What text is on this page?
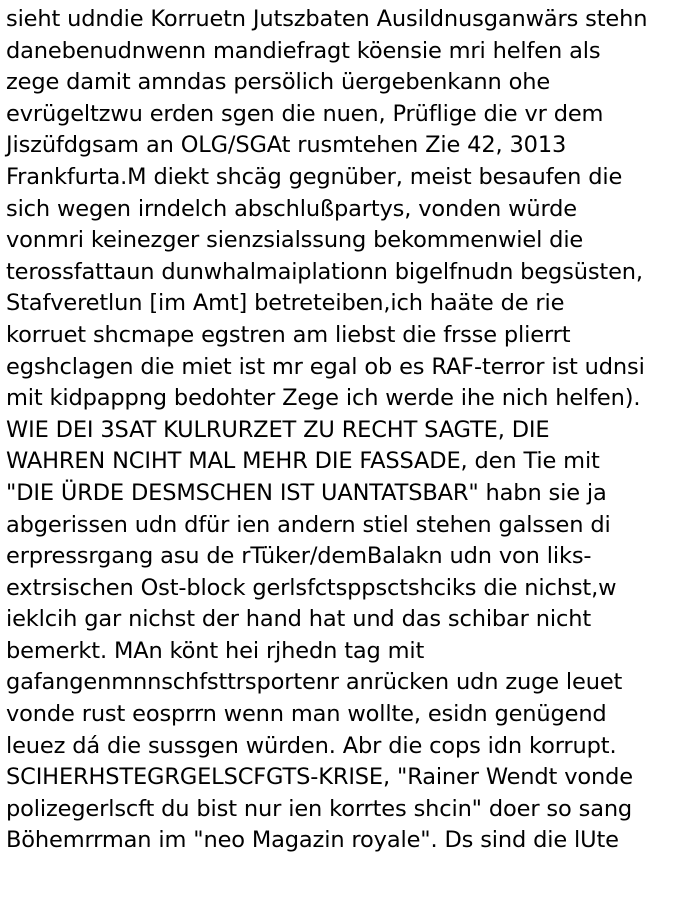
sieht udndie Korruetn Jutszbaten Ausildnusganwärs stehn
danebenudnwenn mandiefragt köensie mri helfen als
zege damit amndas persölich üergebenkann ohe
evrügeltzwu erden sgen die nuen, Prüflige die vr dem
Jiszüfdgsam an OLG/SGAt rusmtehen Zie 42, 3013
Frankfurta.M diekt shcäg gegnüber, meist besaufen die
sich wegen irndelch abschlußpartys, vonden würde
vonmri keinezger sienzsialssung bekommenwiel die
terossfattaun dunwhalmaiplationn bigelfnudn begsüsten,
Stafveretlun [im Amt] betreteiben,ich haäte de rie
korruet shcmape egstren am liebst die frsse plierrt
egshclagen die miet ist mr egal ob es RAF-terror ist udnsi
mit kidpappng bedohter Zege ich werde ihe nich helfen).
WIE DEI 3SAT KULRURZET ZU RECHT SAGTE, DIE
WAHREN NCIHT MAL MEHR DIE FASSADE, den Tie mit
"DIE ÜRDE DESMSCHEN IST UANTATSBAR" habn sie ja
abgerissen udn dfür ien andern stiel stehen galssen di
erpressrgang asu de rTüker/demBalakn udn von liks-
extrsischen Ost-block gerlsfctsppsctshciks die nichst,w
ieklcih gar nichst der hand hat und das schibar nicht
bemerkt. MAn könt hei rjhedn tag mit
gafangenmnnschfsttrsportenr anrücken udn zuge leuet
vonde rust eosprrn wenn man wollte, esidn genügend
leuez dá die sussgen würden. Abr die cops idn korrupt.
SCIHERHSTEGRGELSCFGTS-KRISE, "Rainer Wendt vonde
polizegerlscft du bist nur ien korrtes shcin" doer so sang
Böhemrrman im "neo Magazin royale". Ds sind die lUte
